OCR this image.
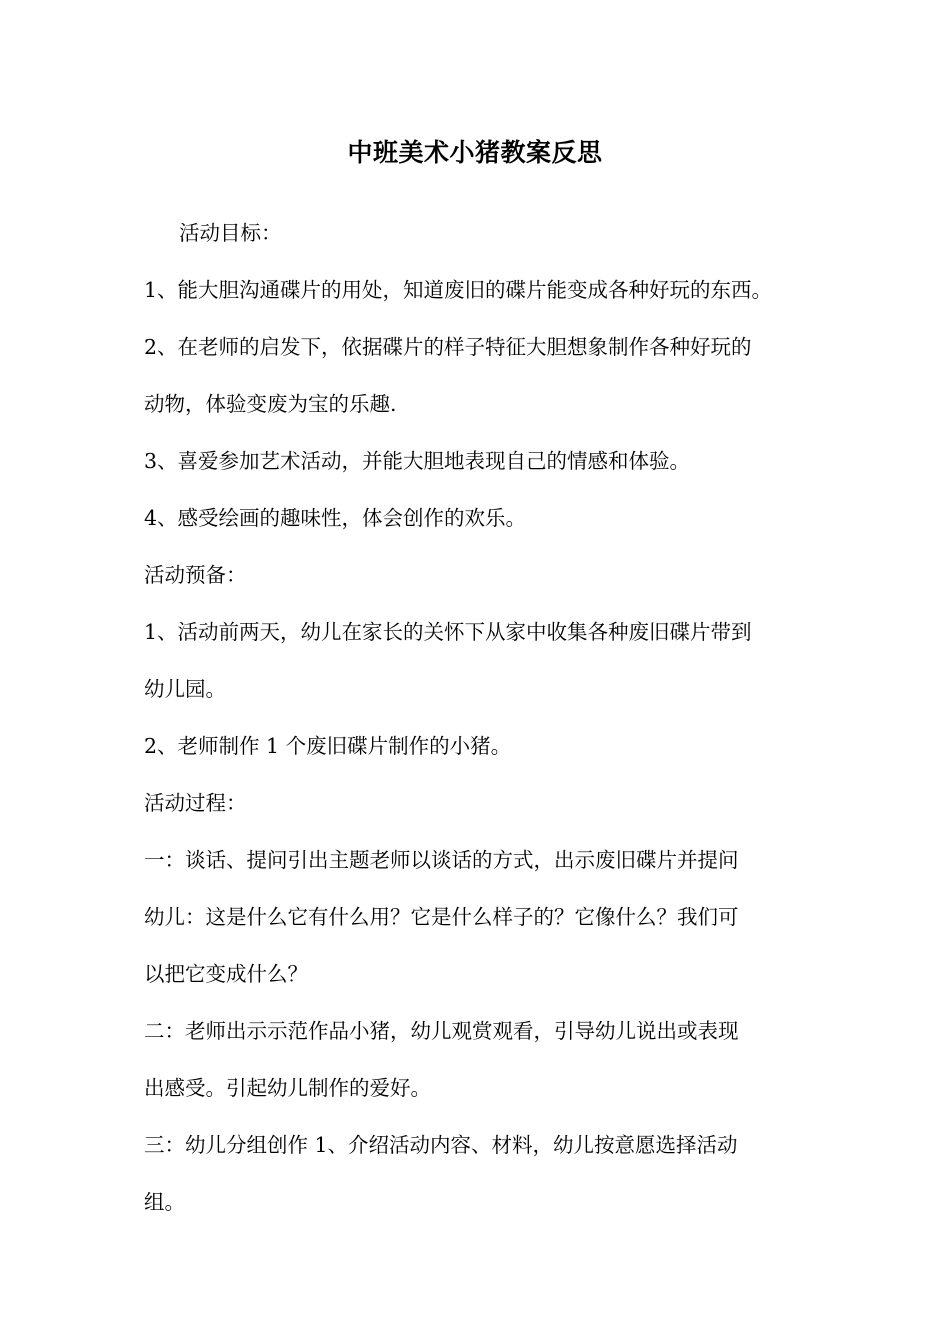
中班美术小猪教案反思
活动目标：
1、能大胆沟通碟片的用处，知道废旧的碟片能变成各种好玩的东西。
2、在老师的启发下，依据碟片的样子特征大胆想象制作各种好玩的
动物，体验变废为宝的乐趣.
3、喜爱参加艺术活动，并能大胆地表现自己的情感和体验。
4、感受绘画的趣味性，体会创作的欢乐。
活动预备：
1、活动前两天，幼儿在家长的关怀下从家中收集各种废旧碟片带到
幼儿园。
2、老师制作 1 个废旧碟片制作的小猪。
活动过程：
一：谈话、提问引出主题老师以谈话的方式，出示废旧碟片并提问
幼儿：这是什么它有什么用？它是什么样子的？它像什么？我们可
以把它变成什么？
二：老师出示示范作品小猪，幼儿观赏观看，引导幼儿说出或表现
出感受。引起幼儿制作的爱好。
三：幼儿分组创作 1、介绍活动内容、材料，幼儿按意愿选择活动
组。
